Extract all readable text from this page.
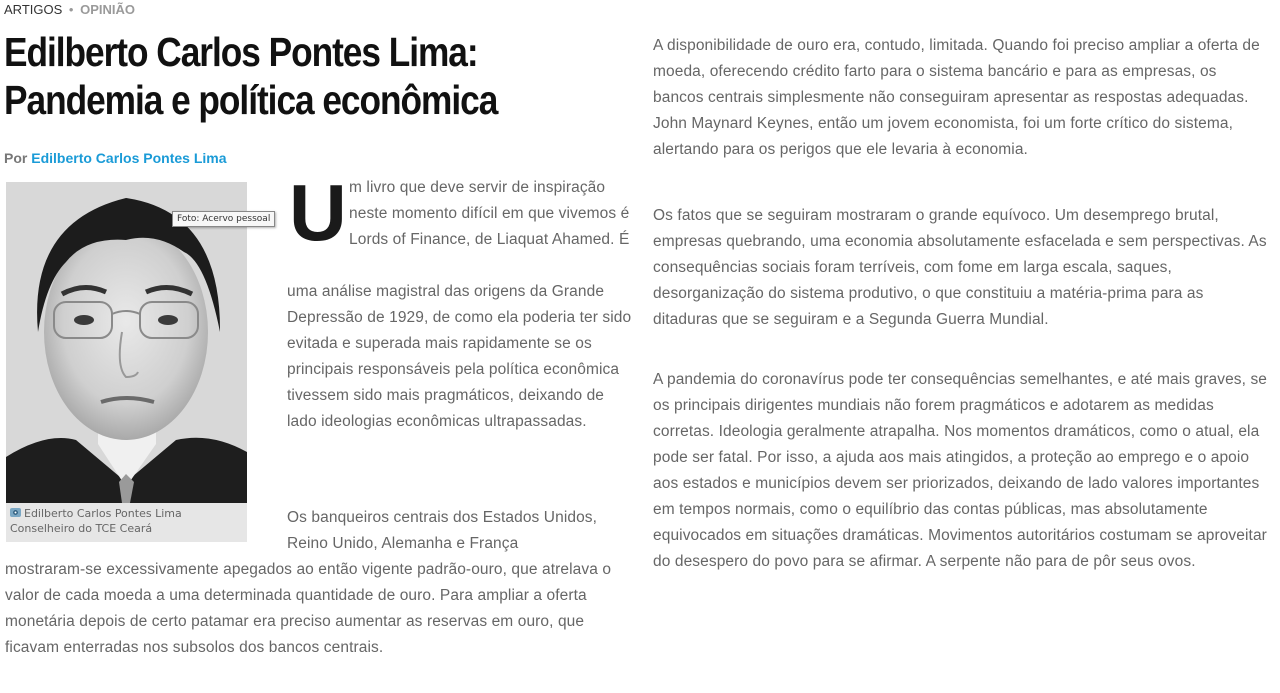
ARTIGOS • OPINIÃO
Edilberto Carlos Pontes Lima: Pandemia e política econômica
Por Edilberto Carlos Pontes Lima
Edilberto Carlos Pontes Lima
Conselheiro do TCE Ceará
Foto: Acervo pessoal U m livro que deve servir de inspiração neste momento difícil em que vivemos é Lords of Finance, de Liaquat Ahamed. É

uma análise magistral das origens da Grande Depressão de 1929, de como ela poderia ter sido evitada e superada mais rapidamente se os principais responsáveis pela política econômica tivessem sido mais pragmáticos, deixando de lado ideologias econômicas ultrapassadas.

Os banqueiros centrais dos Estados Unidos, Reino Unido, Alemanha e França

mostraram-se excessivamente apegados ao então vigente padrão-ouro, que atrelava o valor de cada moeda a uma determinada quantidade de ouro. Para ampliar a oferta monetária depois de certo patamar era preciso aumentar as reservas em ouro, que ficavam enterradas nos subsolos dos bancos centrais.

A disponibilidade de ouro era, contudo, limitada. Quando foi preciso ampliar a oferta de moeda, oferecendo crédito farto para o sistema bancário e para as empresas, os bancos centrais simplesmente não conseguiram apresentar as respostas adequadas. John Maynard Keynes, então um jovem economista, foi um forte crítico do sistema, alertando para os perigos que ele levaria à economia.

Os fatos que se seguiram mostraram o grande equívoco. Um desemprego brutal, empresas quebrando, uma economia absolutamente esfacelada e sem perspectivas. As consequências sociais foram terríveis, com fome em larga escala, saques, desorganização do sistema produtivo, o que constituiu a matéria-prima para as ditaduras que se seguiram e a Segunda Guerra Mundial.

A pandemia do coronavírus pode ter consequências semelhantes, e até mais graves, se os principais dirigentes mundiais não forem pragmáticos e adotarem as medidas corretas. Ideologia geralmente atrapalha. Nos momentos dramáticos, como o atual, ela pode ser fatal. Por isso, a ajuda aos mais atingidos, a proteção ao emprego e o apoio aos estados e municípios devem ser priorizados, deixando de lado valores importantes em tempos normais, como o equilíbrio das contas públicas, mas absolutamente equivocados em situações dramáticas. Movimentos autoritários costumam se aproveitar do desespero do povo para se afirmar. A serpente não para de pôr seus ovos.
